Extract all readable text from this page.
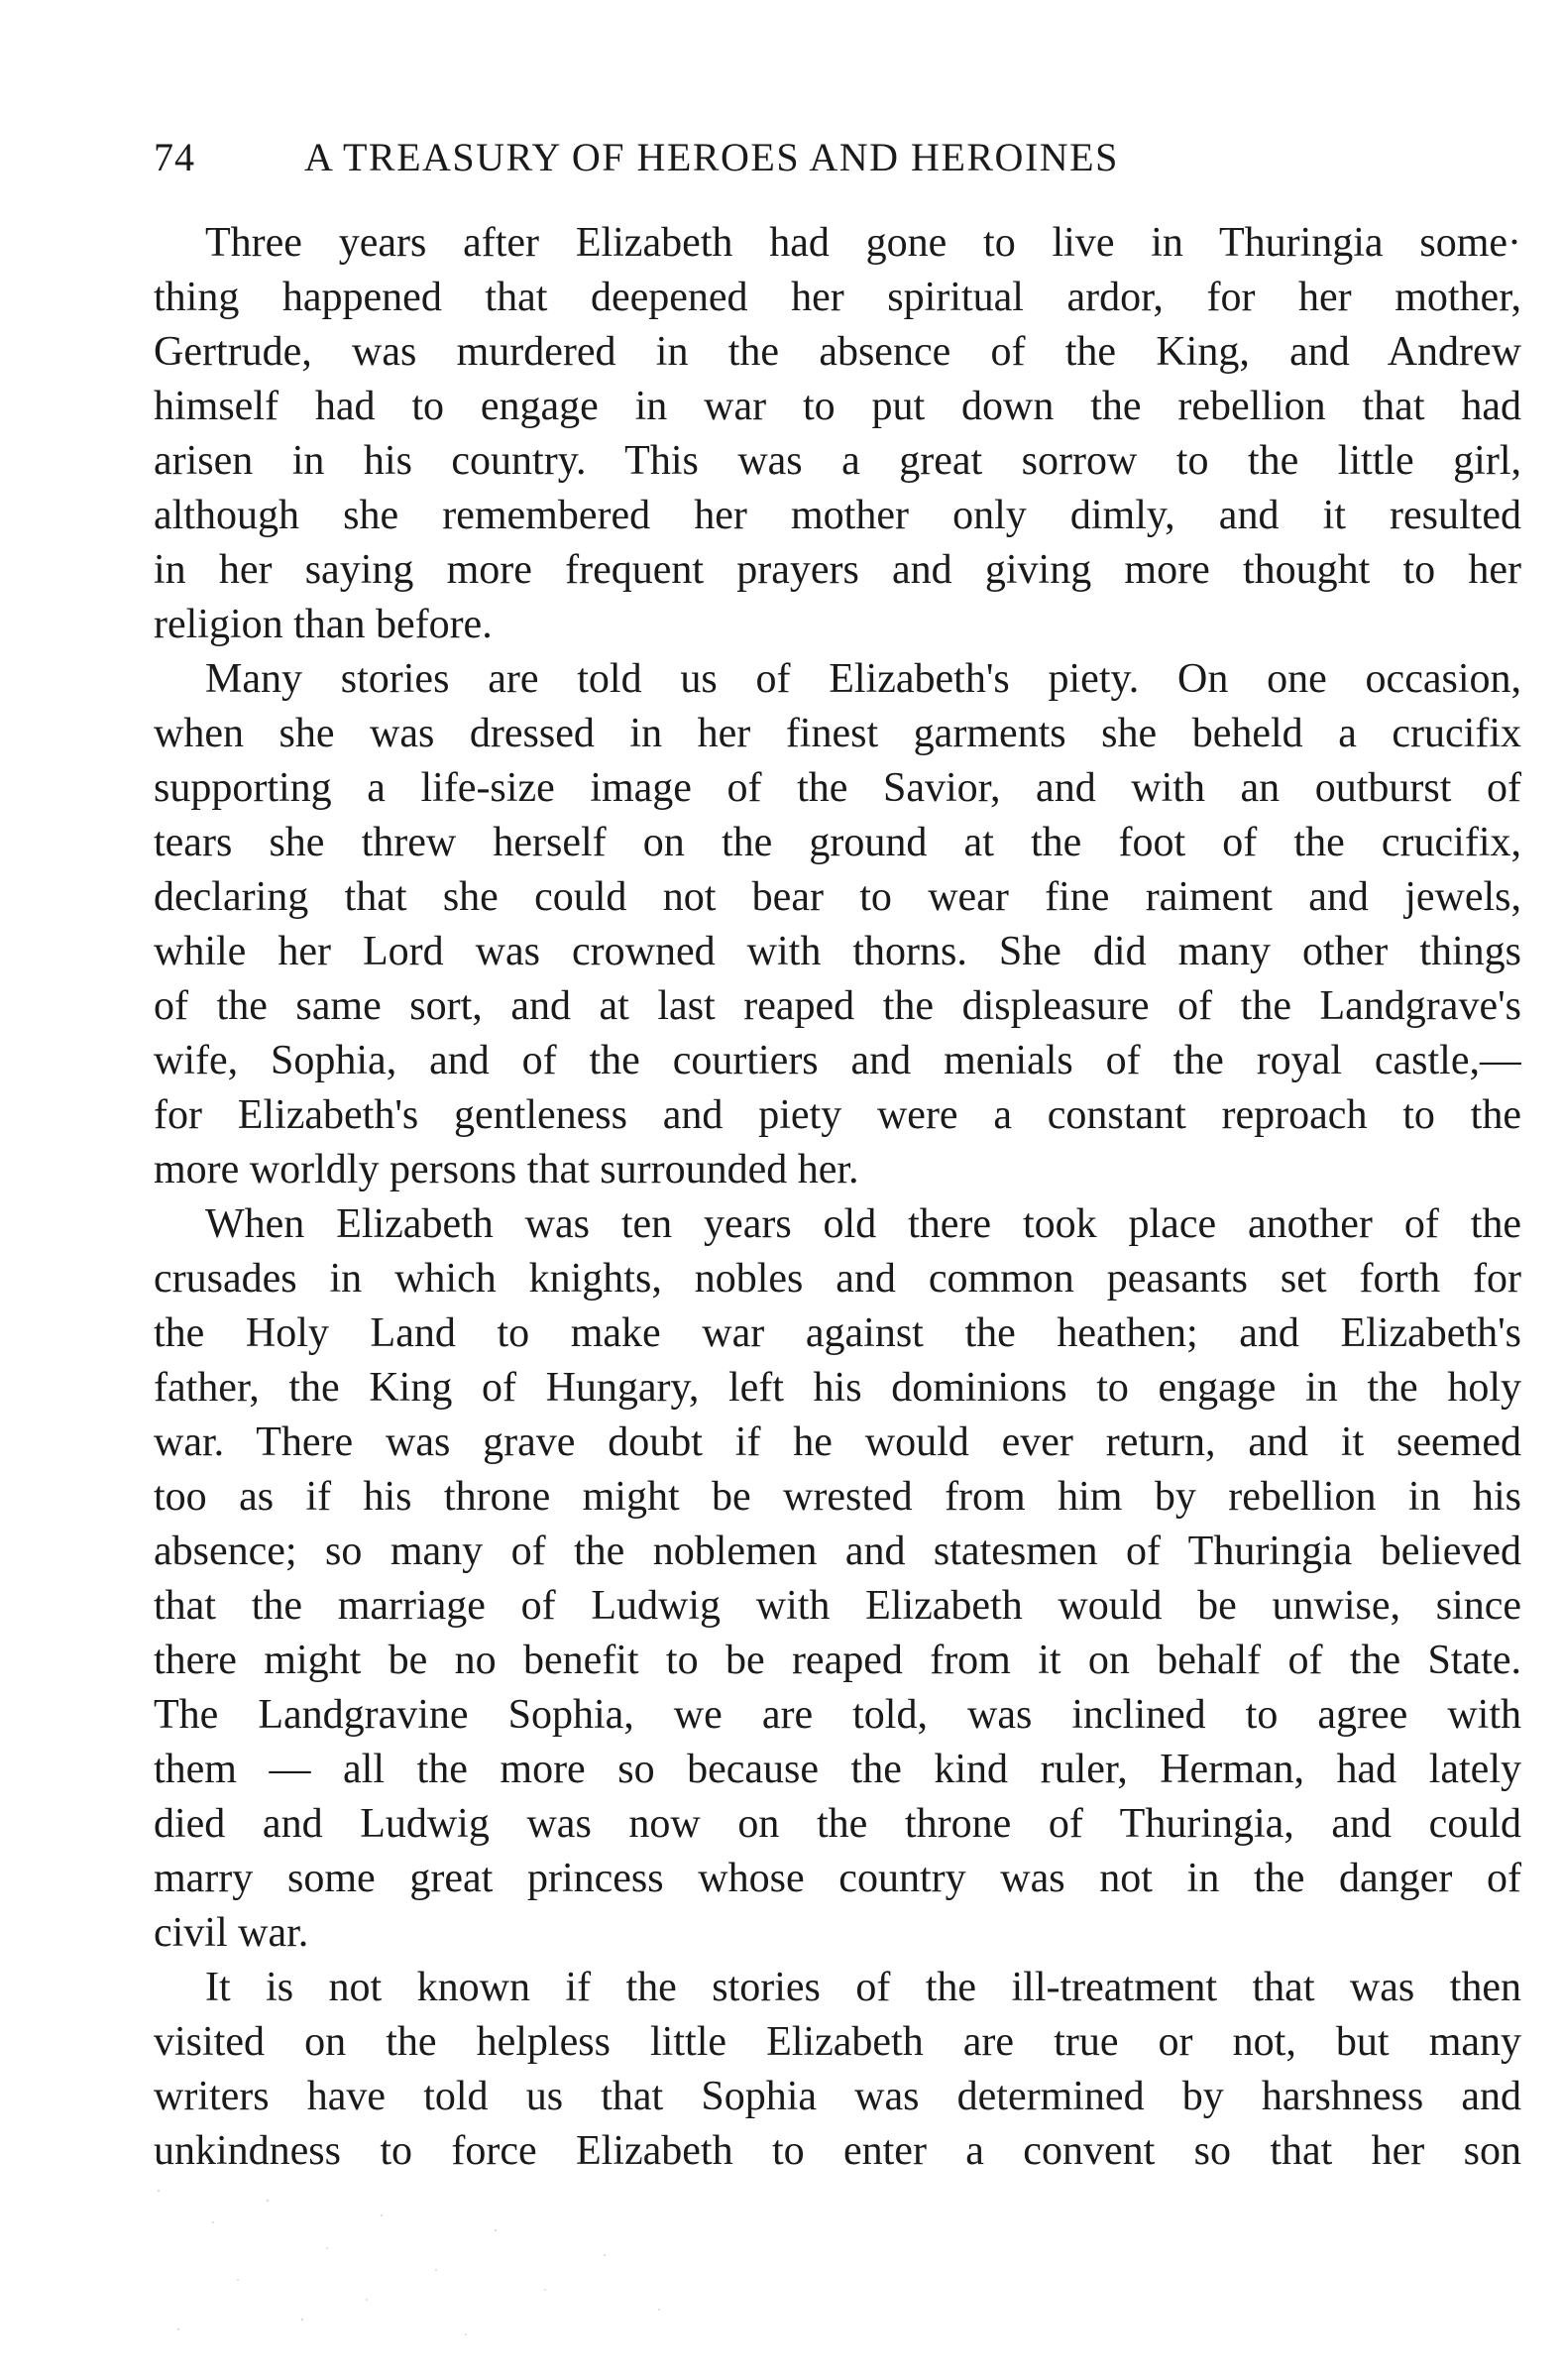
74	A TREASURY OF HEROES AND HEROINES
Three years after Elizabeth had gone to live in Thuringia some·
thing happened that deepened her spiritual ardor, for her mother,
Gertrude, was murdered in the absence of the King, and Andrew
himself had to engage in war to put down the rebellion that had
arisen in his country. This was a great sorrow to the little girl,
although she remembered her mother only dimly, and it resulted
in her saying more frequent prayers and giving more thought to her
religion than before.
Many stories are told us of Elizabeth's piety. On one occasion,
when she was dressed in her finest garments she beheld a crucifix
supporting a life-size image of the Savior, and with an outburst of
tears she threw herself on the ground at the foot of the crucifix,
declaring that she could not bear to wear fine raiment and jewels,
while her Lord was crowned with thorns. She did many other things
of the same sort, and at last reaped the displeasure of the Landgrave's
wife, Sophia, and of the courtiers and menials of the royal castle,—
for Elizabeth's gentleness and piety were a constant reproach to the
more worldly persons that surrounded her.
When Elizabeth was ten years old there took place another of the
crusades in which knights, nobles and common peasants set forth for
the Holy Land to make war against the heathen; and Elizabeth's
father, the King of Hungary, left his dominions to engage in the holy
war. There was grave doubt if he would ever return, and it seemed
too as if his throne might be wrested from him by rebellion in his
absence; so many of the noblemen and statesmen of Thuringia believed
that the marriage of Ludwig with Elizabeth would be unwise, since
there might be no benefit to be reaped from it on behalf of the State.
The Landgravine Sophia, we are told, was inclined to agree with
them — all the more so because the kind ruler, Herman, had lately
died and Ludwig was now on the throne of Thuringia, and could
marry some great princess whose country was not in the danger of
civil war.
It is not known if the stories of the ill-treatment that was then
visited on the helpless little Elizabeth are true or not, but many
writers have told us that Sophia was determined by harshness and
unkindness to force Elizabeth to enter a convent so that her son
